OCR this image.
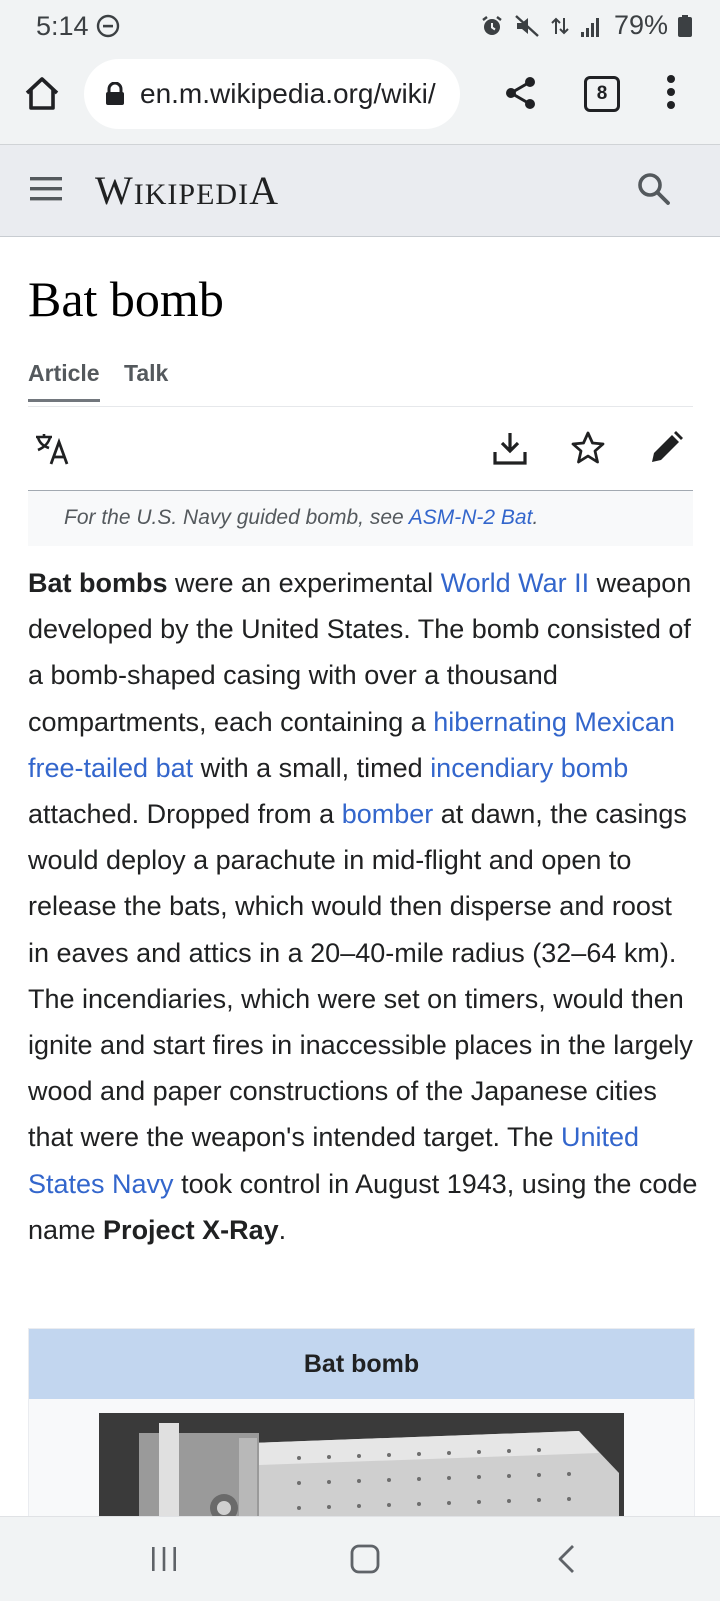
5:14	79%
en.m.wikipedia.org/wiki/	8
WIKIPEDIA
Bat bomb
Article Talk
For the U.S. Navy guided bomb, see ASM-N-2 Bat.
Bat bombs were an experimental World War II weapon developed by the United States. The bomb consisted of a bomb-shaped casing with over a thousand compartments, each containing a hibernating Mexican free-tailed bat with a small, timed incendiary bomb attached. Dropped from a bomber at dawn, the casings would deploy a parachute in mid-flight and open to release the bats, which would then disperse and roost in eaves and attics in a 20–40-mile radius (32–64 km). The incendiaries, which were set on timers, would then ignite and start fires in inaccessible places in the largely wood and paper constructions of the Japanese cities that were the weapon's intended target. The United States Navy took control in August 1943, using the code name Project X-Ray.
Bat bomb
